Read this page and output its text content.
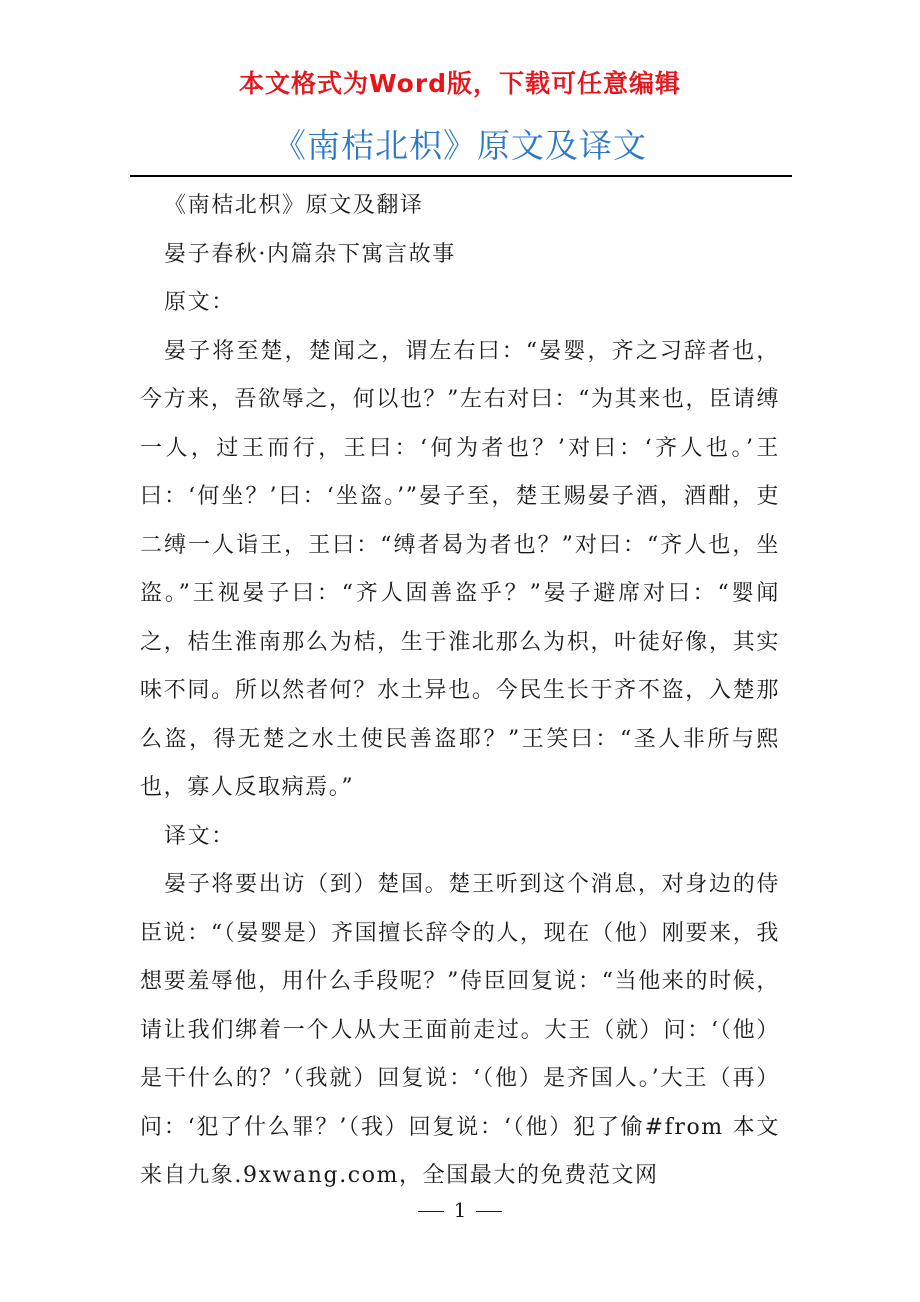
本文格式为Word版，下载可任意编辑
《南桔北枳》原文及译文

《南桔北枳》原文及翻译

晏子春秋·内篇杂下寓言故事

原文：

晏子将至楚，楚闻之，谓左右曰：“晏婴，齐之习辞者也，今方来，吾欲辱之，何以也？”左右对曰：“为其来也，臣请缚一人，过王而行，王曰：‘何为者也？’对曰：‘齐人也。’王曰：‘何坐？’曰：‘坐盗。’”晏子至，楚王赐晏子酒，酒酣，吏二缚一人诣王，王曰：“缚者曷为者也？”对曰：“齐人也，坐盗。”王视晏子曰：“齐人固善盗乎？”晏子避席对曰：“婴闻之，桔生淮南那么为桔，生于淮北那么为枳，叶徒好像，其实味不同。所以然者何？水土异也。今民生长于齐不盗，入楚那么盗，得无楚之水土使民善盗耶？”王笑曰：“圣人非所与熙也，寡人反取病焉。”

译文：

晏子将要出访（到）楚国。楚王听到这个消息，对身边的侍臣说：“（晏婴是）齐国擅长辞令的人，现在（他）刚要来，我想要羞辱他，用什么手段呢？”侍臣回复说：“当他来的时候，请让我们绑着一个人从大王面前走过。大王（就）问：‘（他）是干什么的？’（我就）回复说：‘（他）是齐国人。’大王（再）问：‘犯了什么罪？’（我）回复说：‘（他）犯了偷#from 本文来自九象.9xwang.com，全国最大的免费范文网

1
